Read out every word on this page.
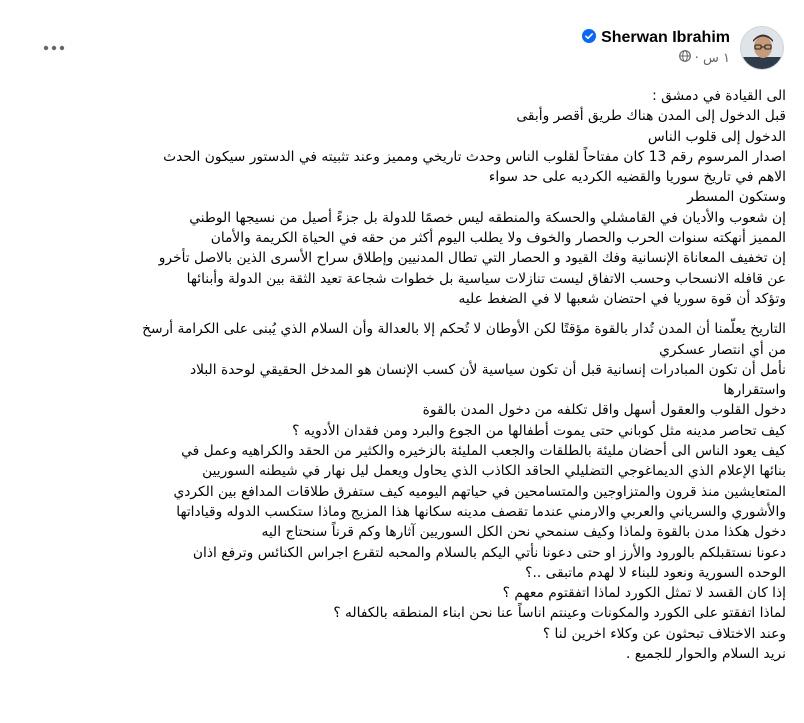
Sherwan Ibrahim
١ س ·
الى القيادة في دمشق :
قبل الدخول إلى المدن هناك طريق أقصر وأبقى
الدخول إلى قلوب الناس
اصدار المرسوم رقم 13 كان مفتاحاً لقلوب الناس وحدث تاريخي ومميز وعند تثبيته في الدستور سيكون الحدث
الاهم في تاريخ سوريا والقضيه الكرديه على حد سواء
وستكون المسطر
إن شعوب والأديان في القامشلي والحسكة والمنطقه ليس خصمًا للدولة بل جزءً أصيل من نسيجها الوطني
المميز أنهكته سنوات الحرب والحصار والخوف ولا يطلب اليوم أكثر من حقه في الحياة الكريمة والأمان
إن تخفيف المعاناة الإنسانية وفك القيود و الحصار التي تطال المدنيين وإطلاق سراح الأسرى الذين بالاصل تأخرو
عن قافله الانسحاب وحسب الاتفاق ليست تنازلات سياسية بل خطوات شجاعة تعيد الثقة بين الدولة وأبنائها
وتؤكد أن قوة سوريا في احتضان شعبها لا في الضغط عليه
التاريخ يعلّمنا أن المدن تُدار بالقوة مؤقتًا لكن الأوطان لا تُحكم إلا بالعدالة وأن السلام الذي يُبنى على الكرامة أرسخ
من أي انتصار عسكري
نأمل أن تكون المبادرات إنسانية قبل أن تكون سياسية لأن كسب الإنسان هو المدخل الحقيقي لوحدة البلاد
واستقرارها
دخول القلوب والعقول أسهل واقل تكلفه من دخول المدن بالقوة
كيف تحاصر مدينه مثل كوباني حتى يموت أطفالها من الجوع والبرد ومن فقدان الأدويه ؟
كيف يعود الناس الى أحضان مليئة بالطلقات والجعب المليئة بالزخيره والكثير من الحقد والكراهيه وعمل في
بنائها الإعلام الذي الديماغوجي التضليلي الحاقد الكاذب الذي يحاول ويعمل ليل نهار في شيطنه السوريين
المتعايشين منذ قرون والمتزاوجين والمتسامحين في حياتهم اليوميه كيف ستفرق طلاقات المدافع بين الكردي
والأشوري والسرياني والعربي والارمني عندما تقصف مدينه سكانها هذا المزيج وماذا ستكسب الدوله وقياداتها
دخول هكذا مدن بالقوة ولماذا وكيف سنمحي نحن الكل السوريين آثارها وكم قرناً سنحتاج اليه
دعونا نستقبلكم بالورود والأرز او حتى دعونا نأتي اليكم بالسلام والمحبه لتقرع اجراس الكنائس وترفع اذان
الوحده السورية ونعود للبناء لا لهدم ماتبقى ..؟
إذا كان القسد لا تمثل الكورد لماذا اتفقتوم معهم ؟
لماذا اتفقتو على الكورد والمكونات وعينتم اناساً عنا نحن ابناء المنطقه بالكفاله ؟
وعند الاختلاف تبحثون عن وكلاء اخرين لنا ؟
نريد السلام والحوار للجميع .
